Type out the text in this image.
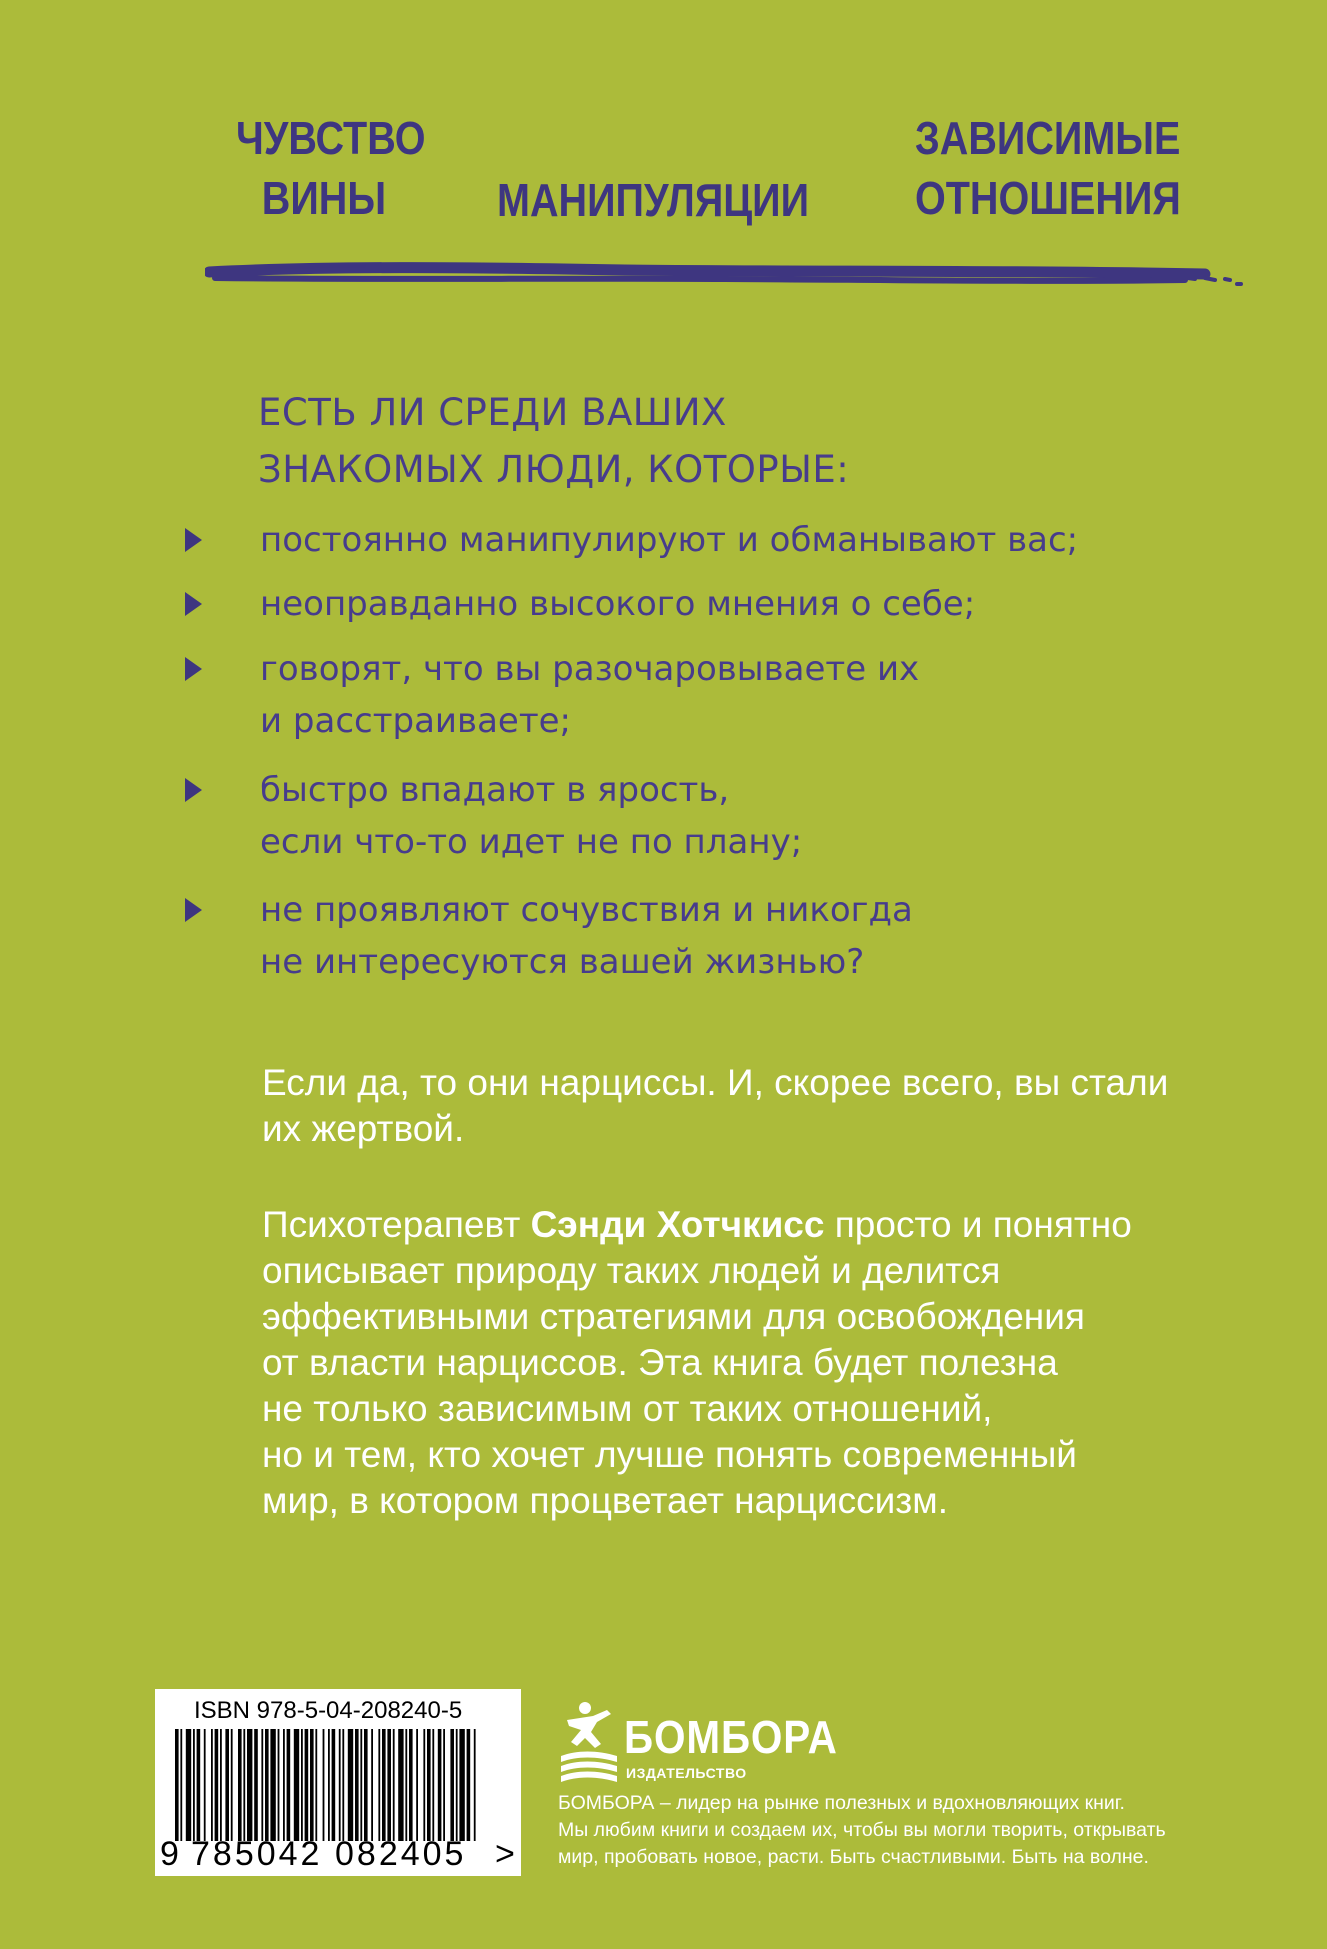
ЧУВСТВО
ВИНЫ	МАНИПУЛЯЦИИ
ЗАВИСИМЫЕ
ОТНОШЕНИЯ
ЕСТЬ ЛИ СРЕДИ ВАШИХ
ЗНАКОМЫХ ЛЮДИ, КОТОРЫЕ:
постоянно манипулируют и обманывают вас;
неоправданно высокого мнения о себе;
говорят, что вы разочаровываете их
и расстраиваете;
быстро впадают в ярость,
если что-то идет не по плану;
не проявляют сочувствия и никогда
не интересуются вашей жизнью?

Если да, то они нарциссы. И, скорее всего, вы стали
их жертвой.

Психотерапевт Сэнди Хотчкисс просто и понятно
описывает природу таких людей и делится
эффективными стратегиями для освобождения
от власти нарциссов. Эта книга будет полезна
не только зависимым от таких отношений,
но и тем, кто хочет лучше понять современный
мир, в котором процветает нарциссизм.

ISBN 978-5-04-208240-5
9 785042 082405 >
БОМБОРА
ИЗДАТЕЛЬСТВО

БОМБОРА – лидер на рынке полезных и вдохновляющих книг.
Мы любим книги и создаем их, чтобы вы могли творить, открывать
мир, пробовать новое, расти. Быть счастливыми. Быть на волне.
